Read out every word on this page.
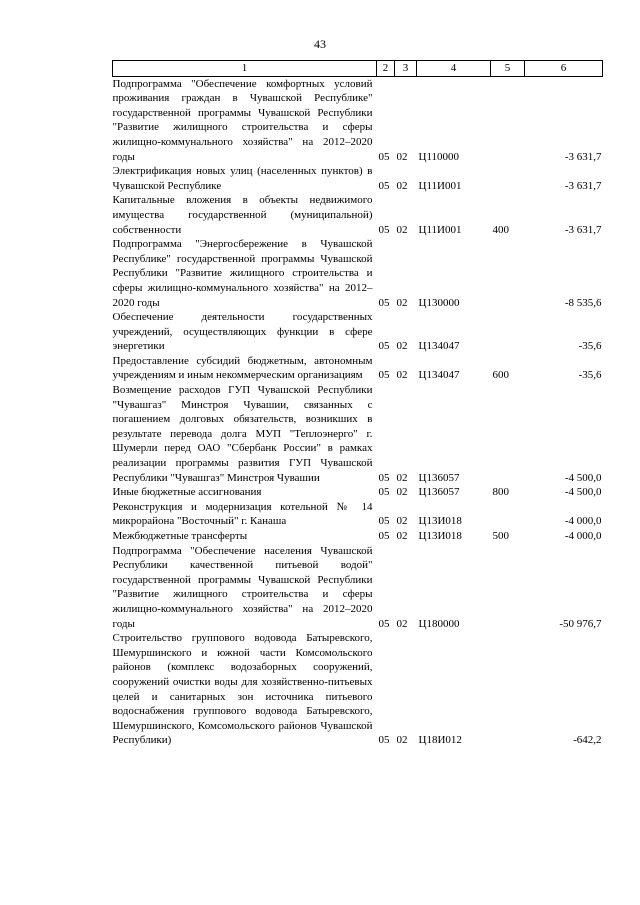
43
1	2	3	4	5	6
Подпрограмма "Обеспечение комфортных условий проживания граждан в Чувашской Республике" государственной программы Чувашской Республики "Развитие жилищного строительства и сферы жилищно-коммунального хозяйства" на 2012–2020 годы	05	02	Ц110000		-3 631,7
Электрификация новых улиц (населенных пунктов) в Чувашской Республике	05	02	Ц11И001		-3 631,7
Капитальные вложения в объекты недвижимого имущества государственной (муниципальной) собственности	05	02	Ц11И001	400	-3 631,7
Подпрограмма "Энергосбережение в Чувашской Республике" государственной программы Чувашской Республики "Развитие жилищного строительства и сферы жилищно-коммунального хозяйства" на 2012–2020 годы	05	02	Ц130000		-8 535,6
Обеспечение деятельности государственных учреждений, осуществляющих функции в сфере энергетики	05	02	Ц134047		-35,6
Предоставление субсидий бюджетным, автономным учреждениям и иным некоммерческим организациям	05	02	Ц134047	600	-35,6
Возмещение расходов ГУП Чувашской Республики "Чувашгаз" Минстроя Чувашии, связанных с погашением долговых обязательств, возникших в результате перевода долга МУП "Теплоэнерго" г. Шумерли перед ОАО "Сбербанк России" в рамках реализации программы развития ГУП Чувашской Республики "Чувашгаз" Минстроя Чувашии	05	02	Ц136057		-4 500,0
Иные бюджетные ассигнования	05	02	Ц136057	800	-4 500,0
Реконструкция и модернизация котельной № 14 микрорайона "Восточный" г. Канаша	05	02	Ц13И018		-4 000,0
Межбюджетные трансферты	05	02	Ц13И018	500	-4 000,0
Подпрограмма "Обеспечение населения Чувашской Республики качественной питьевой водой" государственной программы Чувашской Республики "Развитие жилищного строительства и сферы жилищно-коммунального хозяйства" на 2012–2020 годы	05	02	Ц180000		-50 976,7
Строительство группового водовода Батыревского, Шемуршинского и южной части Комсомольского районов (комплекс водозаборных сооружений, сооружений очистки воды для хозяйственно-питьевых целей и санитарных зон источника питьевого водоснабжения группового водовода Батыревского, Шемуршинского, Комсомольского районов Чувашской Республики)	05	02	Ц18И012		-642,2
